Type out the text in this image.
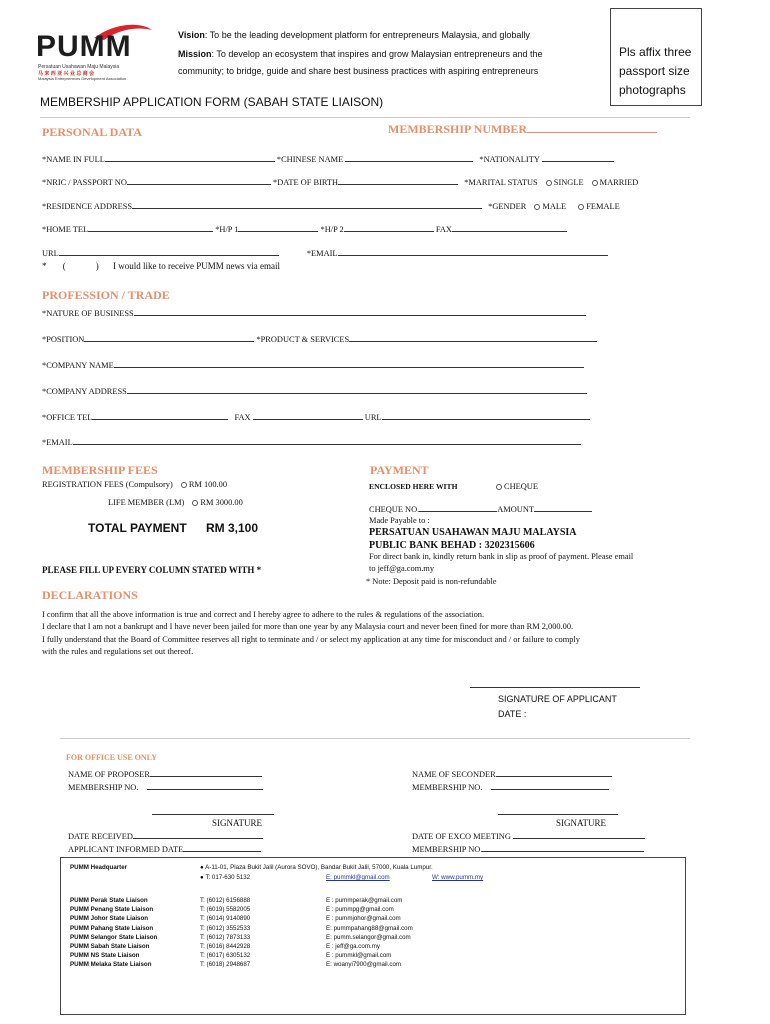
PUMM
Persatuan Usahawan Maju Malaysia
马 来 西 亚 兴 业 总 商 会
Malaysia Entrepreneurs Development Association
Vision: To be the leading development platform for entrepreneurs Malaysia, and globally
Mission: To develop an ecosystem that inspires and grow Malaysian entrepreneurs and the
community; to bridge, guide and share best business practices with aspiring entrepreneurs
Pls affix three passport size photographs
MEMBERSHIP APPLICATION FORM (SABAH STATE LIAISON)
PERSONAL DATA	MEMBERSHIP NUMBER
*NAME IN FULL	*CHINESE NAME	*NATIONALITY
*NRIC / PASSPORT NO	*DATE OF BIRTH	*MARITAL STATUS SINGLE MARRIED
*RESIDENCE ADDRESS	*GENDER MALE FEMALE
*HOME TEL	*H/P 1	*H/P 2	FAX
URL	*EMAIL
* (	) I would like to receive PUMM news via email
PROFESSION / TRADE
*NATURE OF BUSINESS
*POSITION	*PRODUCT & SERVICES
*COMPANY NAME
*COMPANY ADDRESS
*OFFICE TEL	FAX	URL
*EMAIL
MEMBERSHIP FEES
REGISTRATION FEES (Compulsory) RM 100.00
LIFE MEMBER (LM) RM 3000.00
TOTAL PAYMENT RM 3,100
PLEASE FILL UP EVERY COLUMN STATED WITH *
PAYMENT
ENCLOSED HERE WITH	CHEQUE
CHEQUE NO.	AMOUNT
Made Payable to :
PERSATUAN USAHAWAN MAJU MALAYSIA
PUBLIC BANK BEHAD : 3202315606
For direct bank in, kindly return bank in slip as proof of payment. Please email
to jeff@ga.com.my
* Note: Deposit paid is non-refundable
DECLARATIONS
I confirm that all the above information is true and correct and I hereby agree to adhere to the rules & regulations of the association.
I declare that I am not a bankrupt and I have never been jailed for more than one year by any Malaysia court and never been fined for more than RM 2,000.00.
I fully understand that the Board of Committee reserves all right to terminate and / or select my application at any time for misconduct and / or failure to comply
with the rules and regulations set out thereof.
SIGNATURE OF APPLICANT
DATE :
FOR OFFICE USE ONLY
NAME OF PROPOSER
MEMBERSHIP NO.
NAME OF SECONDER
MEMBERSHIP NO.
SIGNATURE	SIGNATURE
DATE RECEIVED
APPLICANT INFORMED DATE
DATE OF EXCO MEETING
MEMBERSHIP NO.
PUMM Headquarter	● A-11-01, Plaza Bukit Jalil (Aurora SOVO), Bandar Bukit Jalil, 57000, Kuala Lumpur.
● T: 017-630 5132	E: pummkl@gmail.com	W: www.pumm.my
PUMM Perak State Liaison	T: (6012) 6156888	E : pummperak@gmail.com
PUMM Penang State Liaison	T: (6019) 5582005	E : pummpg@gmail.com
PUMM Johor State Liaison	T: (6014) 9140890	E : pummjohor@gmail.com
PUMM Pahang State Liaison	T: (6012) 3552533	E: pummpahang88@gmail.com
PUMM Selangor State Liaison	T: (6012) 7873133	E: pumm.selangor@gmail.com
PUMM Sabah State Liaison	T: (6016) 8442928	E : jeff@ga.com.my
PUMM NS State Liaison	T: (6017) 6305132	E : pummkl@gmail.com
PUMM Melaka State Liaison	T: (6018) 2948687	E: woanyi7900@gmail.com
